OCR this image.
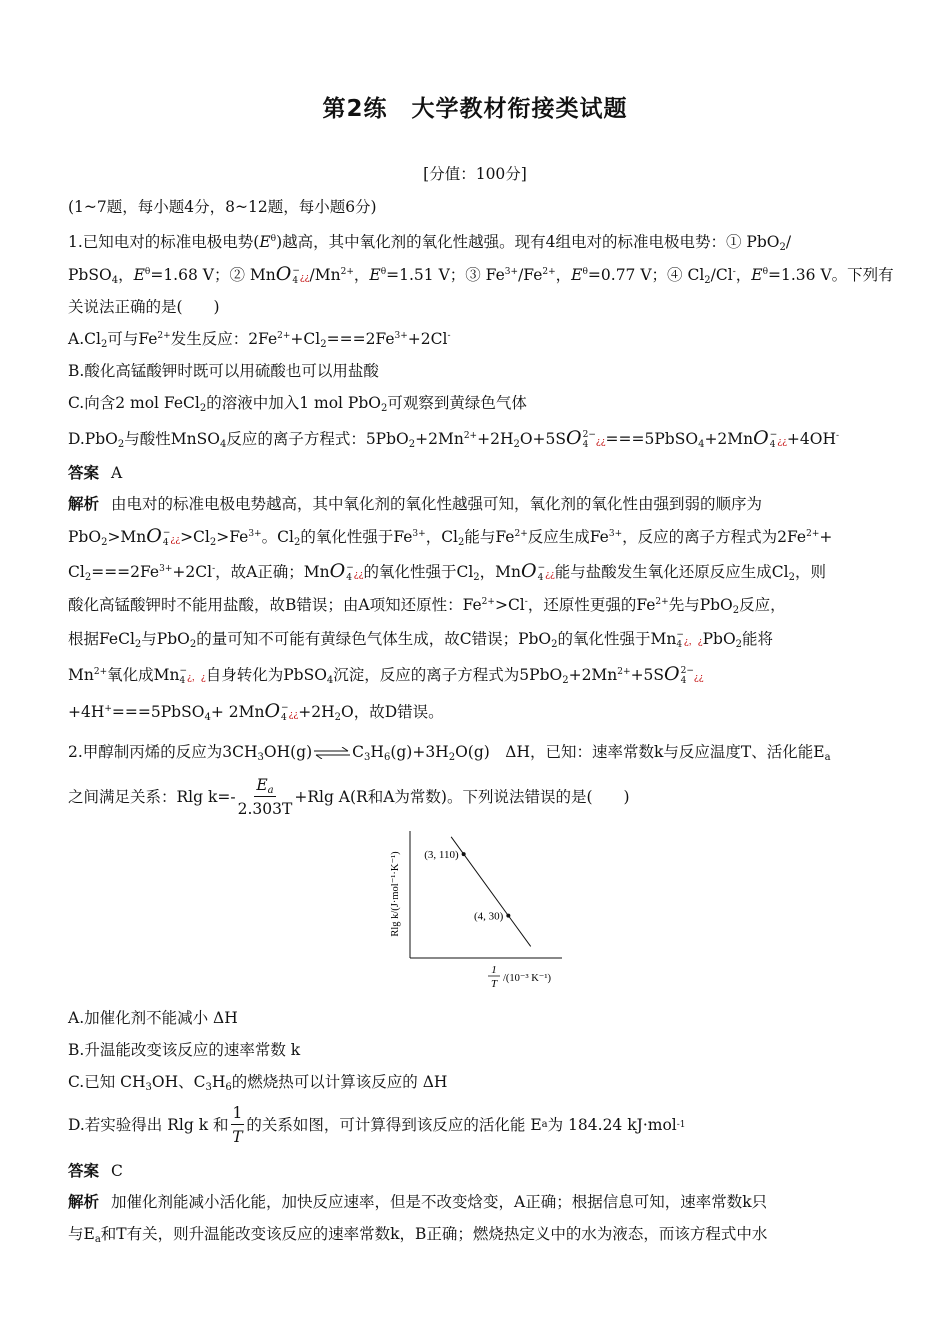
第2练　大学教材衔接类试题
[分值：100分]
(1~7题，每小题4分，8~12题，每小题6分)
1.已知电对的标准电极电势$(E^\theta)$越高，其中氧化剂的氧化性越强。现有4组电对的标准电极电势：① PbO$_2$/
PbSO$_4$，$E^\theta=1.68$ V；② MnO −
4 ¿¿$/Mn^{2+}$，$E^\theta=1.51$ V；③ $Fe^{3+}/Fe^{2+}$，$E^\theta=0.77$ V；④ $Cl_2/Cl^-$，$E^\theta=1.36$ V。下列有
关说法正确的是(　　)
$A.Cl_2$可与$Fe^{2+}$发生反应：$2Fe^{2+}+Cl_2===2Fe^{3+}+2Cl^-$
B.酸化高锰酸钾时既可以用硫酸也可以用盐酸
C.向含2 mol FeCl$_2$的溶液中加入1 mol PbO$_2$可观察到黄绿色气体
D.PbO$_2$与酸性MnSO$_4$反应的离子方程式：$5PbO_2+2Mn^{2+}+2H_2O+5SO$ 2−
4 ¿¿===5PbSO$_4$+2MnO −
4 ¿¿+4OH-
答案 A
解析 由电对的标准电极电势越高，其中氧化剂的氧化性越强可知，氧化剂的氧化性由强到弱的顺序为
PbO$_2$>MnO −
4 ¿¿$>Cl_2>Fe^{3+}$。$Cl_2$的氧化性强于$Fe^{3+}$，$Cl_2$能与$Fe^{2+}$反应生成$Fe^{3+}$，反应的离子方程式为$2Fe^{2+}+$
$Cl_2===2Fe^{3+}+2Cl^-$，故A正确；MnO −
4 ¿¿的氧化性强于$Cl_2$，MnO −
4 ¿¿能与盐酸发生氧化还原反应生成$Cl_2$，则
酸化高锰酸钾时不能用盐酸，故B错误；由A项知还原性：$Fe^{2+}>Cl^-$，还原性更强的$Fe^{2+}$先与PbO$_2$反应，
根据FeCl$_2$与PbO$_2$的量可知不可能有黄绿色气体生成，故C错误；PbO$_2$的氧化性强于Mn −
4 ¿，¿PbO$_2$能将
$Mn^{2+}$氧化成Mn −
4 ¿，¿自身转化为PbSO$_4$沉淀，反应的离子方程式为$5PbO_2+2Mn^{2+}+5SO$ 2−
4 ¿¿
+4H+===5PbSO$_4$+ 2MnO −
4 ¿¿$+2H_2O$，故D错误。
2.甲醇制丙烯的反应为$3CH_3OH(g)$ ⇌ $C_3H_6(g)+3H_2O(g)$　ΔH，已知：速率常数k与反应温度T、活化能$E_a$
之间满足关系：Rlg $k=- \frac{E_a}{2.303T} +Rlg$ A(R和A为常数)。下列说法错误的是(　　)
(3, 110)
(4, 30)
Rlg k/(J·mol⁻¹·K⁻¹)
1
T /(10⁻³ K⁻¹)
A.加催化剂不能减小 ΔH
B.升温能改变该反应的速率常数 k
C.已知 $CH_3OH$、$C_3H_6$的燃烧热可以计算该反应的 ΔH
D.若实验得出 Rlg k 和 $\frac{1}{T}$ 的关系如图，可计算得到该反应的活化能 E a 为 184.24 kJ·mol -1
答案 C
解析 加催化剂能减小活化能，加快反应速率，但是不改变焓变，A正确；根据信息可知，速率常数k只
与$E_a$和T有关，则升温能改变该反应的速率常数k，B正确；燃烧热定义中的水为液态，而该方程式中水
